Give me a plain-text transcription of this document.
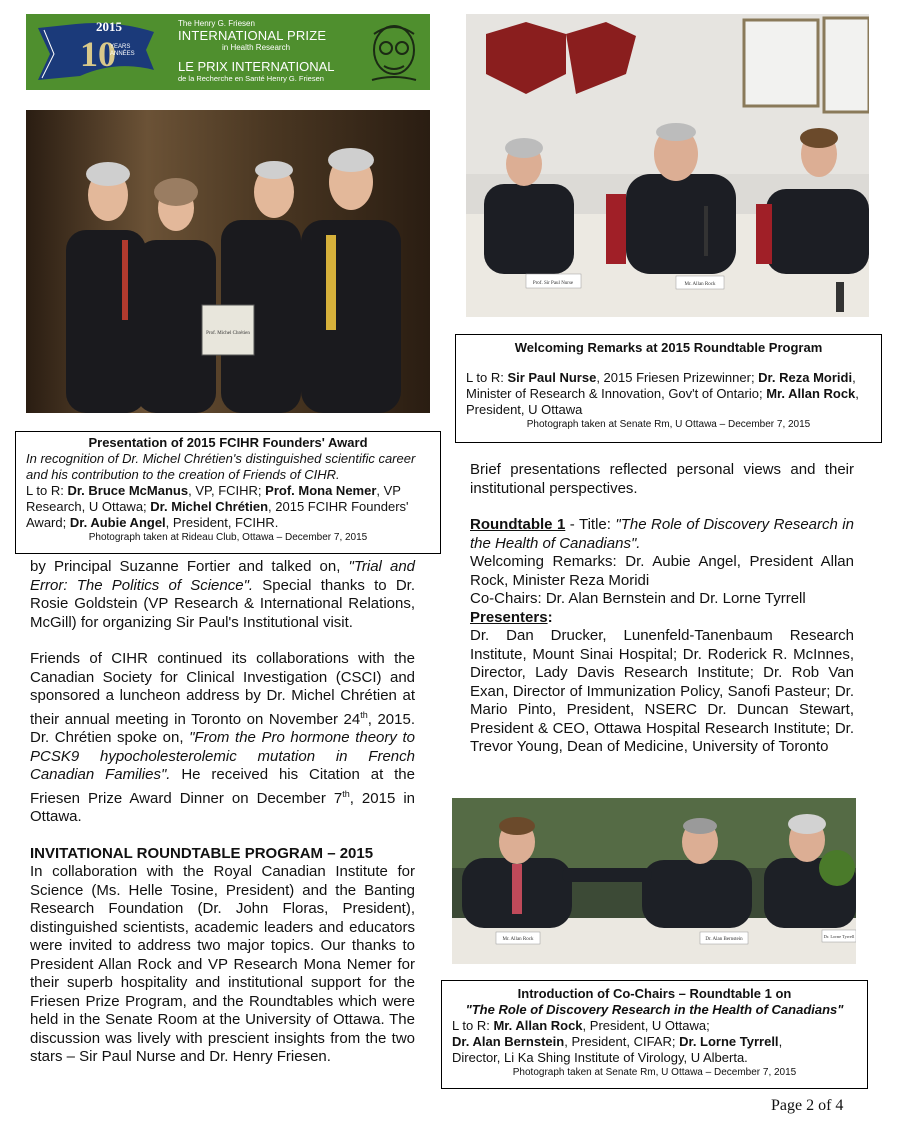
2015
10
YEARS
ANNÉES
The Henry G. Friesen
INTERNATIONAL PRIZE
in Health Research
LE PRIX INTERNATIONAL
de la Recherche en Santé Henry G. Friesen
Prof. Michel Chrétien
Presentation of 2015 FCIHR Founders' Award
In recognition of Dr. Michel Chrétien's distinguished scientific career and his contribution to the creation of Friends of CIHR.
L to R: Dr. Bruce McManus, VP, FCIHR; Prof. Mona Nemer, VP Research, U Ottawa; Dr. Michel Chrétien, 2015 FCIHR Founders' Award; Dr. Aubie Angel, President, FCIHR.
Photograph taken at Rideau Club, Ottawa – December 7, 2015

by Principal Suzanne Fortier and talked on, "Trial and Error: The Politics of Science". Special thanks to Dr. Rosie Goldstein (VP Research & International Relations, McGill) for organizing Sir Paul's Institutional visit.

Friends of CIHR continued its collaborations with the Canadian Society for Clinical Investigation (CSCI) and sponsored a luncheon address by Dr. Michel Chrétien at their annual meeting in Toronto on November 24th, 2015. Dr. Chrétien spoke on, "From the Pro hormone theory to PCSK9 hypocholesterolemic mutation in French Canadian Families". He received his Citation at the Friesen Prize Award Dinner on December 7th, 2015 in Ottawa.

INVITATIONAL ROUNDTABLE PROGRAM – 2015

In collaboration with the Royal Canadian Institute for Science (Ms. Helle Tosine, President) and the Banting Research Foundation (Dr. John Floras, President), distinguished scientists, academic leaders and educators were invited to address two major topics. Our thanks to President Allan Rock and VP Research Mona Nemer for their superb hospitality and institutional support for the Friesen Prize Program, and the Roundtables which were held in the Senate Room at the University of Ottawa. The discussion was lively with prescient insights from the two stars – Sir Paul Nurse and Dr. Henry Friesen.

Prof. Sir Paul Nurse	Mr. Allan Rock
Welcoming Remarks at 2015 Roundtable Program
L to R: Sir Paul Nurse, 2015 Friesen Prizewinner; Dr. Reza Moridi, Minister of Research & Innovation, Gov't of Ontario; Mr. Allan Rock, President, U Ottawa
Photograph taken at Senate Rm, U Ottawa – December 7, 2015

Brief presentations reflected personal views and their institutional perspectives.

Roundtable 1 - Title: "The Role of Discovery Research in the Health of Canadians".

Welcoming Remarks: Dr. Aubie Angel, President Allan Rock, Minister Reza Moridi

Co-Chairs: Dr. Alan Bernstein and Dr. Lorne Tyrrell

Presenters:

Dr. Dan Drucker, Lunenfeld-Tanenbaum Research Institute, Mount Sinai Hospital; Dr. Roderick R. McInnes, Director, Lady Davis Research Institute; Dr. Rob Van Exan, Director of Immunization Policy, Sanofi Pasteur; Dr. Mario Pinto, President, NSERC Dr. Duncan Stewart, President & CEO, Ottawa Hospital Research Institute; Dr. Trevor Young, Dean of Medicine, University of Toronto

Mr. Allan Rock	Dr. Alan Bernstein
Dr. Lorne Tyrrell
Introduction of Co-Chairs – Roundtable 1 on
"The Role of Discovery Research in the Health of Canadians"
L to R: Mr. Allan Rock, President, U Ottawa;
Dr. Alan Bernstein, President, CIFAR; Dr. Lorne Tyrrell,
Director, Li Ka Shing Institute of Virology, U Alberta.
Photograph taken at Senate Rm, U Ottawa – December 7, 2015
Page 2 of 4
